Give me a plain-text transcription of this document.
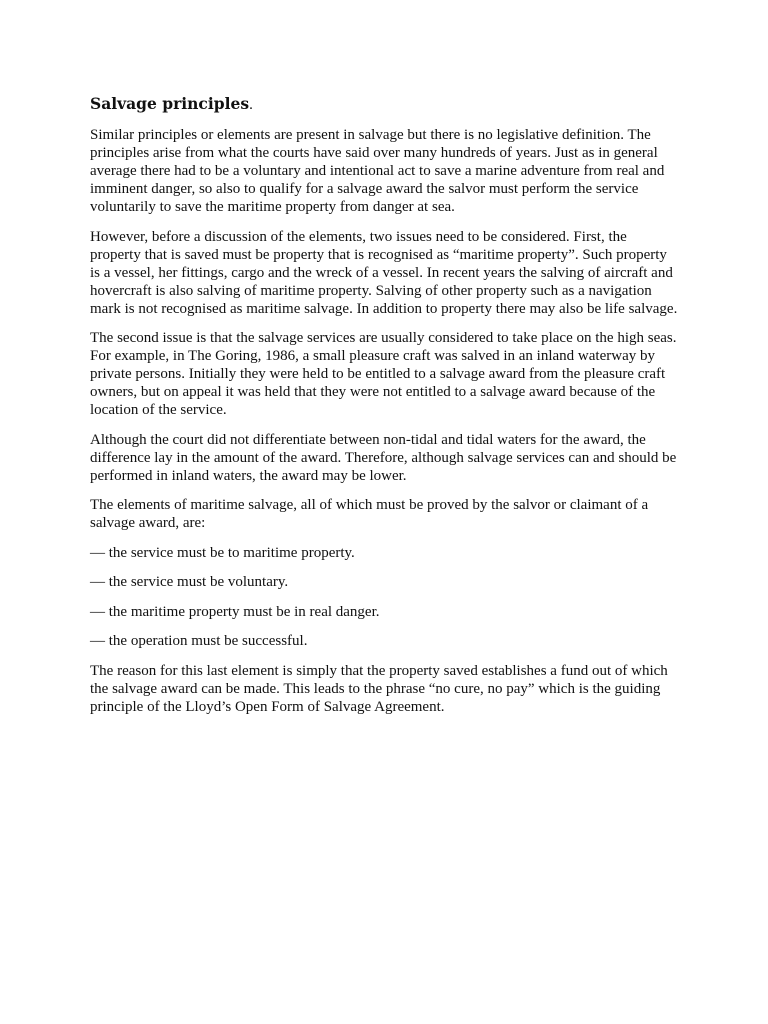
Salvage principles.

Similar principles or elements are present in salvage but there is no legislative definition. The principles arise from what the courts have said over many hundreds of years. Just as in general average there had to be a voluntary and intentional act to save a marine adventure from real and imminent danger, so also to qualify for a salvage award the salvor must perform the service voluntarily to save the maritime property from danger at sea.

However, before a discussion of the elements, two issues need to be considered. First, the property that is saved must be property that is recognised as “maritime property”. Such property is a vessel, her fittings, cargo and the wreck of a vessel. In recent years the salving of aircraft and hovercraft is also salving of maritime property. Salving of other property such as a navigation mark is not recognised as maritime salvage. In addition to property there may also be life salvage.

The second issue is that the salvage services are usually considered to take place on the high seas. For example, in The Goring, 1986, a small pleasure craft was salved in an inland waterway by private persons. Initially they were held to be entitled to a salvage award from the pleasure craft owners, but on appeal it was held that they were not entitled to a salvage award because of the location of the service.

Although the court did not differentiate between non-tidal and tidal waters for the award, the difference lay in the amount of the award. Therefore, although salvage services can and should be performed in inland waters, the award may be lower.

The elements of maritime salvage, all of which must be proved by the salvor or claimant of a salvage award, are:

— the service must be to maritime property.

— the service must be voluntary.

— the maritime property must be in real danger.

— the operation must be successful.

The reason for this last element is simply that the property saved establishes a fund out of which the salvage award can be made. This leads to the phrase “no cure, no pay” which is the guiding principle of the Lloyd’s Open Form of Salvage Agreement.
